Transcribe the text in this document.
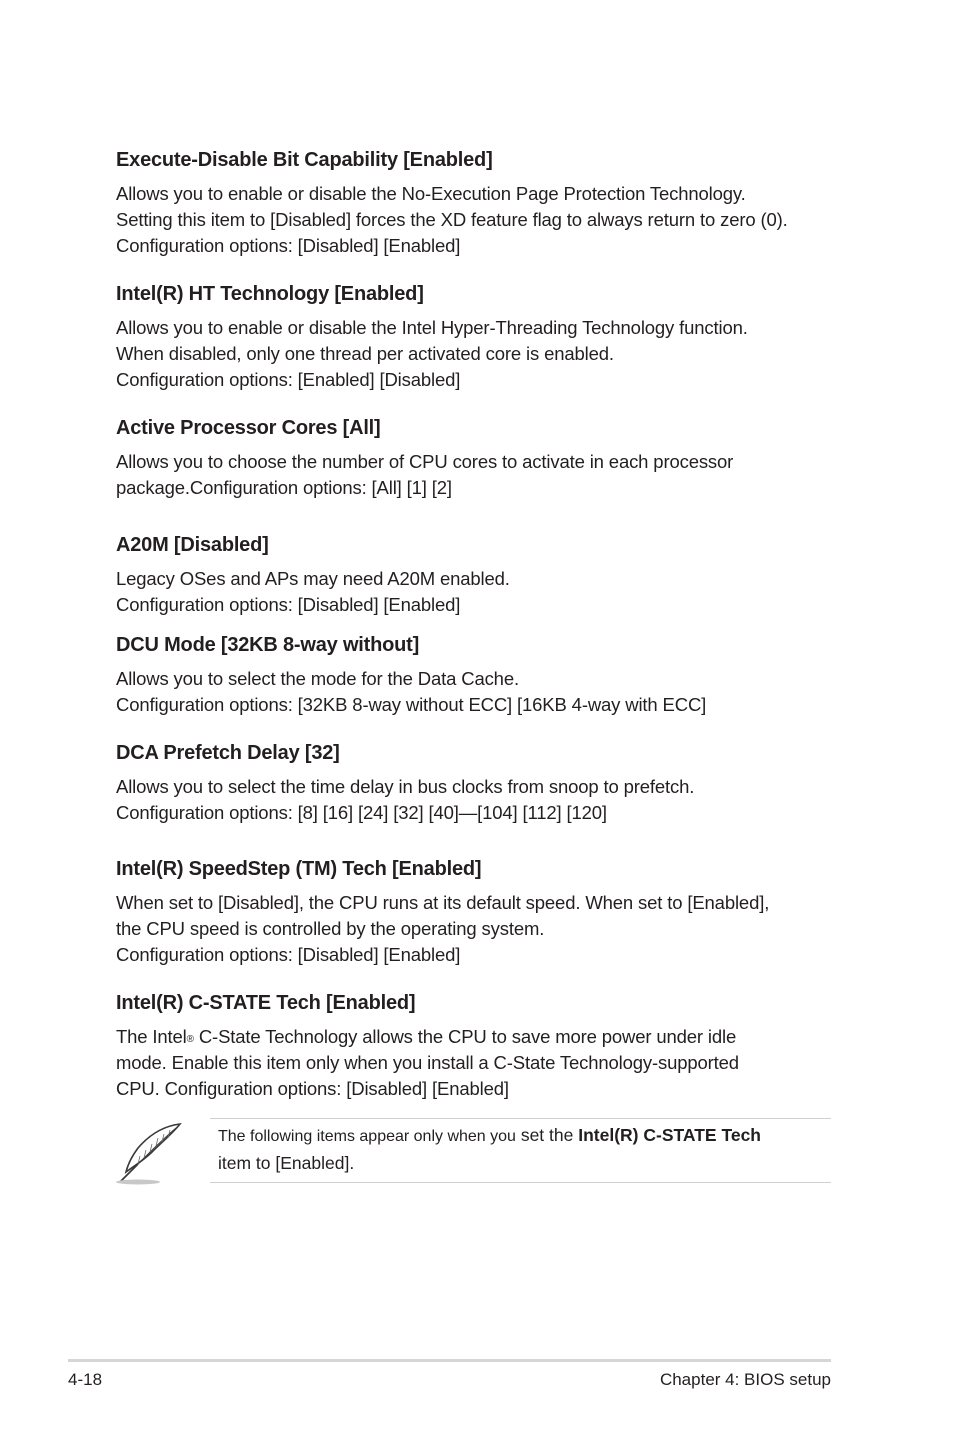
Execute-Disable Bit Capability [Enabled]
Allows you to enable or disable the No-Execution Page Protection Technology.
Setting this item to [Disabled] forces the XD feature flag to always return to zero (0).
Configuration options: [Disabled] [Enabled]
Intel(R) HT Technology [Enabled]
Allows you to enable or disable the Intel Hyper-Threading Technology function.
When disabled, only one thread per activated core is enabled.
Configuration options: [Enabled] [Disabled]
Active Processor Cores [All]
Allows you to choose the number of CPU cores to activate in each processor
package.Configuration options: [All] [1] [2]
A20M [Disabled]
Legacy OSes and APs may need A20M enabled.
Configuration options: [Disabled] [Enabled]
DCU Mode [32KB 8-way without]
Allows you to select the mode for the Data Cache.
Configuration options: [32KB 8-way without ECC] [16KB 4-way with ECC]
DCA Prefetch Delay [32]
Allows you to select the time delay in bus clocks from snoop to prefetch.
Configuration options: [8] [16] [24] [32] [40]—[104] [112] [120]
Intel(R) SpeedStep (TM) Tech [Enabled]
When set to [Disabled], the CPU runs at its default speed. When set to [Enabled],
the CPU speed is controlled by the operating system.
Configuration options: [Disabled] [Enabled]
Intel(R) C-STATE Tech [Enabled]
The Intel® C-State Technology allows the CPU to save more power under idle
mode. Enable this item only when you install a C-State Technology-supported
CPU. Configuration options: [Disabled] [Enabled]
The following items appear only when you set the Intel(R) C-STATE Tech
item to [Enabled].
4-18	Chapter 4: BIOS setup
